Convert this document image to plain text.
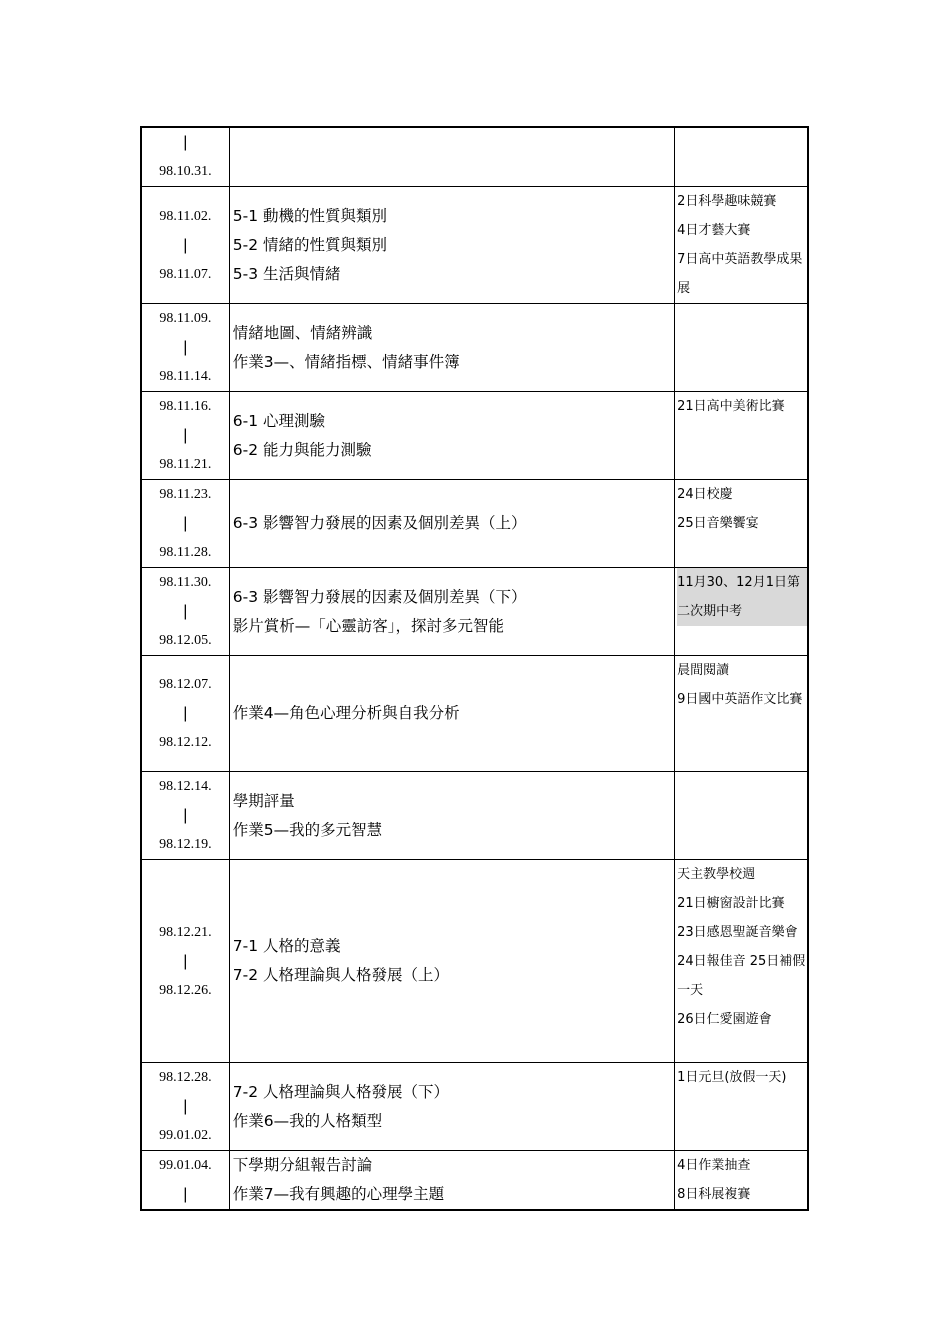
|
98.10.31.		

98.11.02.
|
98.11.07.	5-1 動機的性質與類別
5-2 情緒的性質與類別
5-3 生活與情緒	2日科學趣味競賽
4日才藝大賽
7日高中英語教學成果展

98.11.09.
|
98.11.14.	情緒地圖、情緒辨識
作業3—、情緒指標、情緒事件簿	

98.11.16.
|
98.11.21.	6-1 心理測驗
6-2 能力與能力測驗	21日高中美術比賽

98.11.23.
|
98.11.28.	6-3 影響智力發展的因素及個別差異（上）	24日校慶
25日音樂饗宴

98.11.30.
|
98.12.05.	6-3 影響智力發展的因素及個別差異（下）
影片賞析—「心靈訪客」，探討多元智能	11月30、12月1日第二次期中考

98.12.07.
|
98.12.12.	作業4—角色心理分析與自我分析	晨間閱讀
9日國中英語作文比賽

98.12.14.
|
98.12.19.	學期評量
作業5—我的多元智慧	

98.12.21.
|
98.12.26.	7-1 人格的意義
7-2 人格理論與人格發展（上）	天主教學校週
21日櫥窗設計比賽
23日感恩聖誕音樂會
24日報佳音 25日補假一天
26日仁愛園遊會

98.12.28.
|
99.01.02.	7-2 人格理論與人格發展（下）
作業6—我的人格類型	1日元旦(放假一天)

99.01.04.
|	下學期分組報告討論
作業7—我有興趣的心理學主題	4日作業抽查
8日科展複賽
